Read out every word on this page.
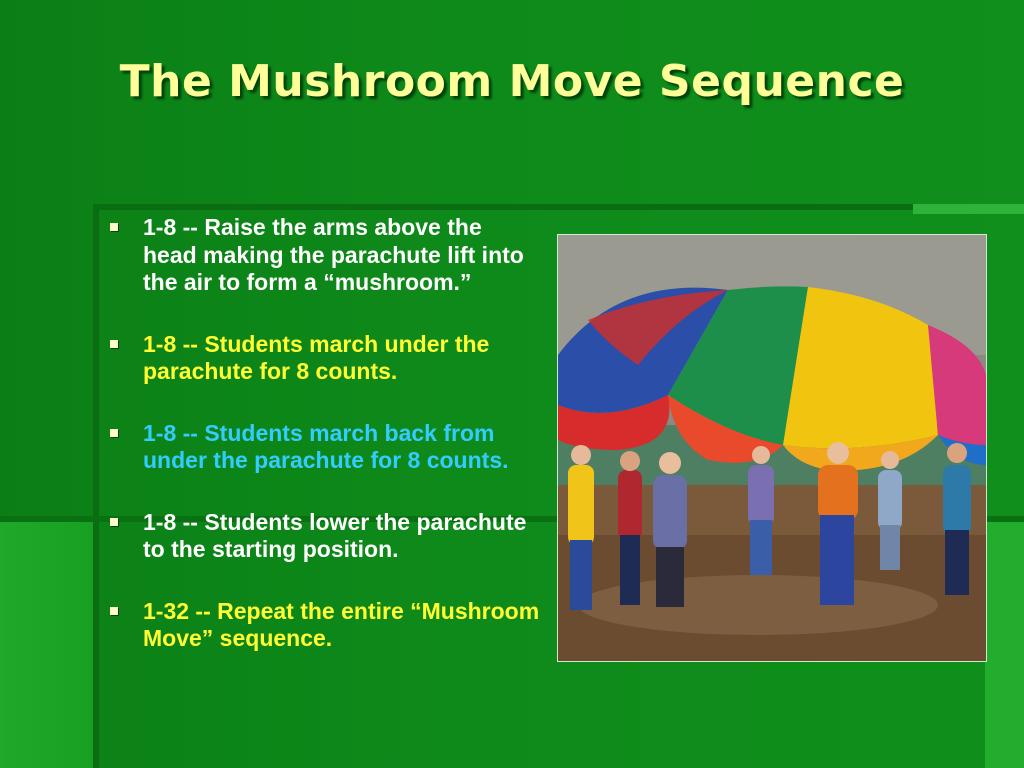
The Mushroom Move Sequence
1-8 -- Raise the arms above the head making the parachute lift into the air to form a “mushroom.”
1-8 -- Students march under the parachute for 8 counts.
1-8 -- Students march back from under the parachute for 8 counts.
1-8 -- Students lower the parachute to the starting position.
1-32 -- Repeat the entire “Mushroom Move” sequence.
